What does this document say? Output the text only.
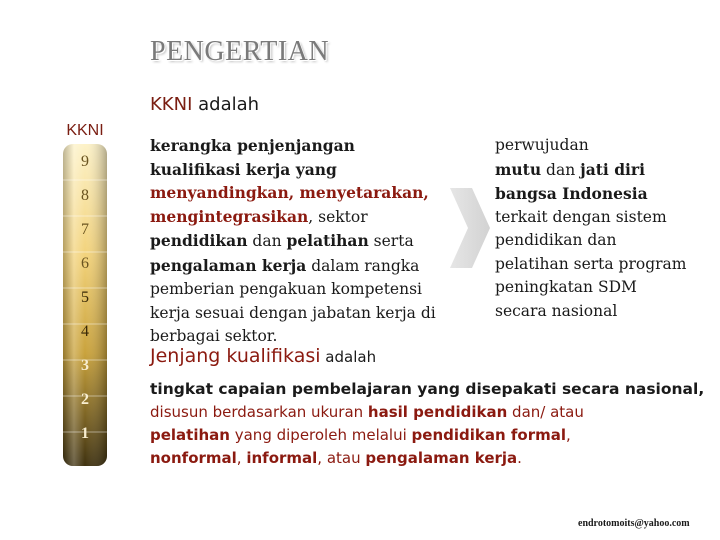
PENGERTIAN
KKNI adalah
KKNI
9
8
7
6
5
4
3
2
1
kerangka penjenjangan
kualifikasi kerja yang
menyandingkan, menyetarakan,
mengintegrasikan, sektor
pendidikan dan pelatihan serta
pengalaman kerja dalam rangka
pemberian pengakuan kompetensi
kerja sesuai dengan jabatan kerja di
berbagai sektor.
perwujudan
mutu dan jati diri
bangsa Indonesia
terkait dengan sistem
pendidikan dan
pelatihan serta program
peningkatan SDM
secara nasional
Jenjang kualifikasi adalah
tingkat capaian pembelajaran yang disepakati secara nasional,
disusun berdasarkan ukuran hasil pendidikan dan/ atau
pelatihan yang diperoleh melalui pendidikan formal,
nonformal, informal, atau pengalaman kerja.
endrotomoits@yahoo.com
